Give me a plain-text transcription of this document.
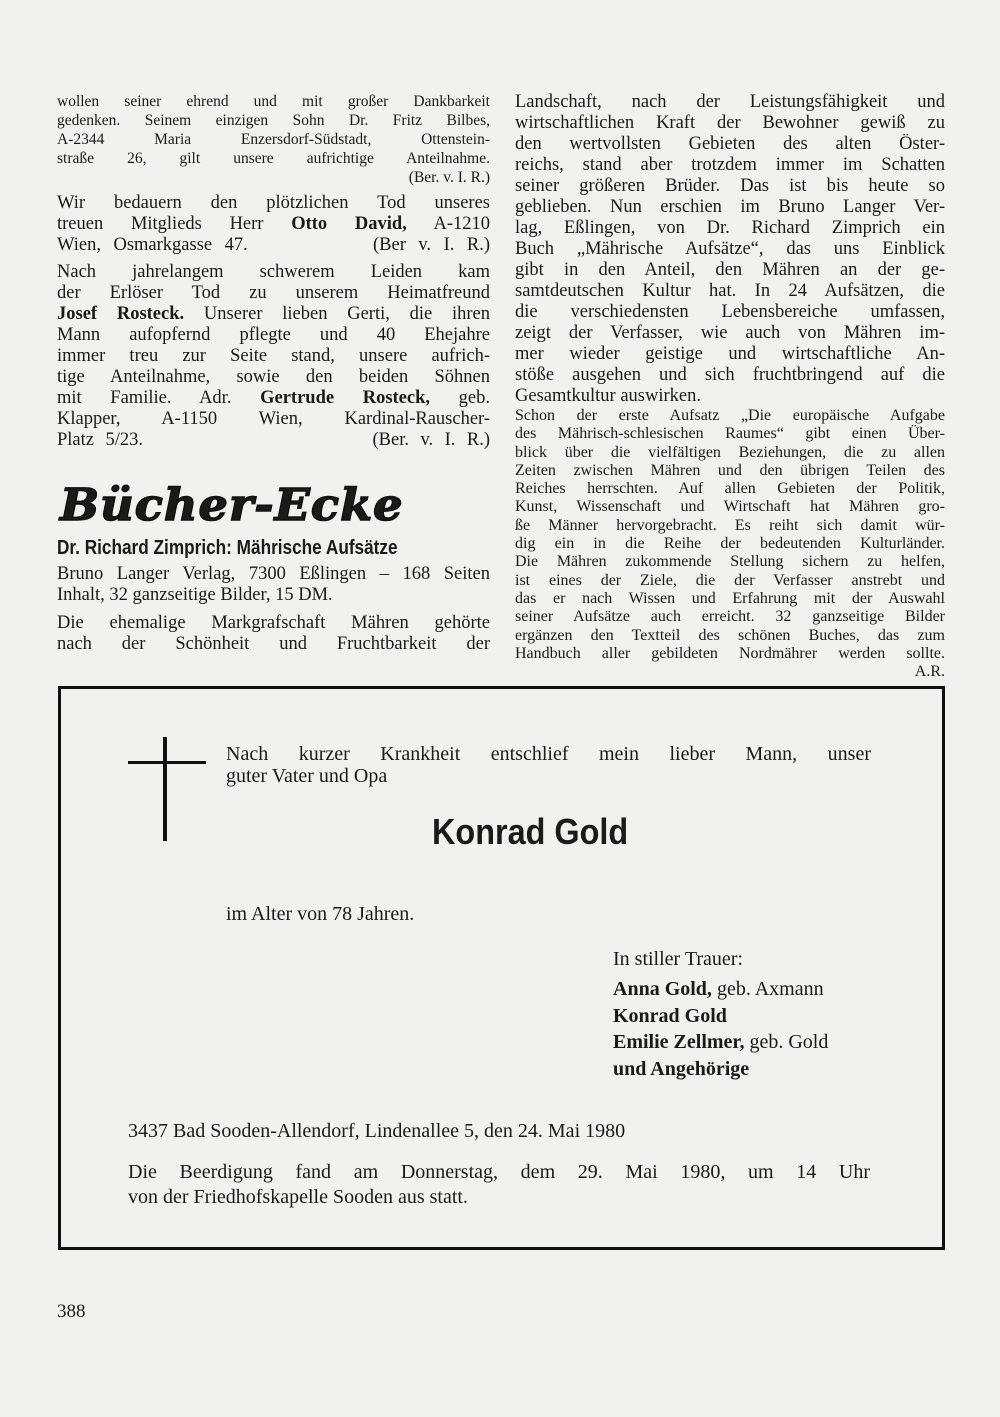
wollen seiner ehrend und mit großer Dankbarkeit
gedenken. Seinem einzigen Sohn Dr. Fritz Bilbes,
A-2344 Maria Enzersdorf-Südstadt, Ottenstein-
straße 26, gilt unsere aufrichtige Anteilnahme.
(Ber. v. I. R.)
Wir bedauern den plötzlichen Tod unseres
treuen Mitglieds Herr Otto David, A-1210
Wien, Osmarkgasse 47.          (Ber v. I. R.)
Nach jahrelangem schwerem Leiden kam
der Erlöser Tod zu unserem Heimatfreund
Josef Rosteck. Unserer lieben Gerti, die ihren
Mann aufopfernd pflegte und 40 Ehejahre
immer treu zur Seite stand, unsere aufrich-
tige Anteilnahme, sowie den beiden Söhnen
mit Familie. Adr. Gertrude Rosteck, geb.
Klapper, A-1150 Wien, Kardinal-Rauscher-
Platz 5/23.                    (Ber. v. I. R.)
Bücher-Ecke
Dr. Richard Zimprich: Mährische Aufsätze
Bruno Langer Verlag, 7300 Eßlingen – 168 Seiten
Inhalt, 32 ganzseitige Bilder, 15 DM.
Die ehemalige Markgrafschaft Mähren gehörte
nach der Schönheit und Fruchtbarkeit der
Landschaft, nach der Leistungsfähigkeit und
wirtschaftlichen Kraft der Bewohner gewiß zu
den wertvollsten Gebieten des alten Öster-
reichs, stand aber trotzdem immer im Schatten
seiner größeren Brüder. Das ist bis heute so
geblieben. Nun erschien im Bruno Langer Ver-
lag, Eßlingen, von Dr. Richard Zimprich ein
Buch „Mährische Aufsätze“, das uns Einblick
gibt in den Anteil, den Mähren an der ge-
samtdeutschen Kultur hat. In 24 Aufsätzen, die
die verschiedensten Lebensbereiche umfassen,
zeigt der Verfasser, wie auch von Mähren im-
mer wieder geistige und wirtschaftliche An-
stöße ausgehen und sich fruchtbringend auf die
Gesamtkultur auswirken.
Schon der erste Aufsatz „Die europäische Aufgabe
des Mährisch-schlesischen Raumes“ gibt einen Über-
blick über die vielfältigen Beziehungen, die zu allen
Zeiten zwischen Mähren und den übrigen Teilen des
Reiches herrschten. Auf allen Gebieten der Politik,
Kunst, Wissenschaft und Wirtschaft hat Mähren gro-
ße Männer hervorgebracht. Es reiht sich damit wür-
dig ein in die Reihe der bedeutenden Kulturländer.
Die Mähren zukommende Stellung sichern zu helfen,
ist eines der Ziele, die der Verfasser anstrebt und
das er nach Wissen und Erfahrung mit der Auswahl
seiner Aufsätze auch erreicht. 32 ganzseitige Bilder
ergänzen den Textteil des schönen Buches, das zum
Handbuch aller gebildeten Nordmährer werden sollte.
A.R.
Nach kurzer Krankheit entschlief mein lieber Mann, unser
guter Vater und Opa
Konrad Gold
im Alter von 78 Jahren.
In stiller Trauer:
Anna Gold, geb. Axmann
Konrad Gold
Emilie Zellmer, geb. Gold
und Angehörige
3437 Bad Sooden-Allendorf, Lindenallee 5, den 24. Mai 1980
Die Beerdigung fand am Donnerstag, dem 29. Mai 1980, um 14 Uhr
von der Friedhofskapelle Sooden aus statt.
388
